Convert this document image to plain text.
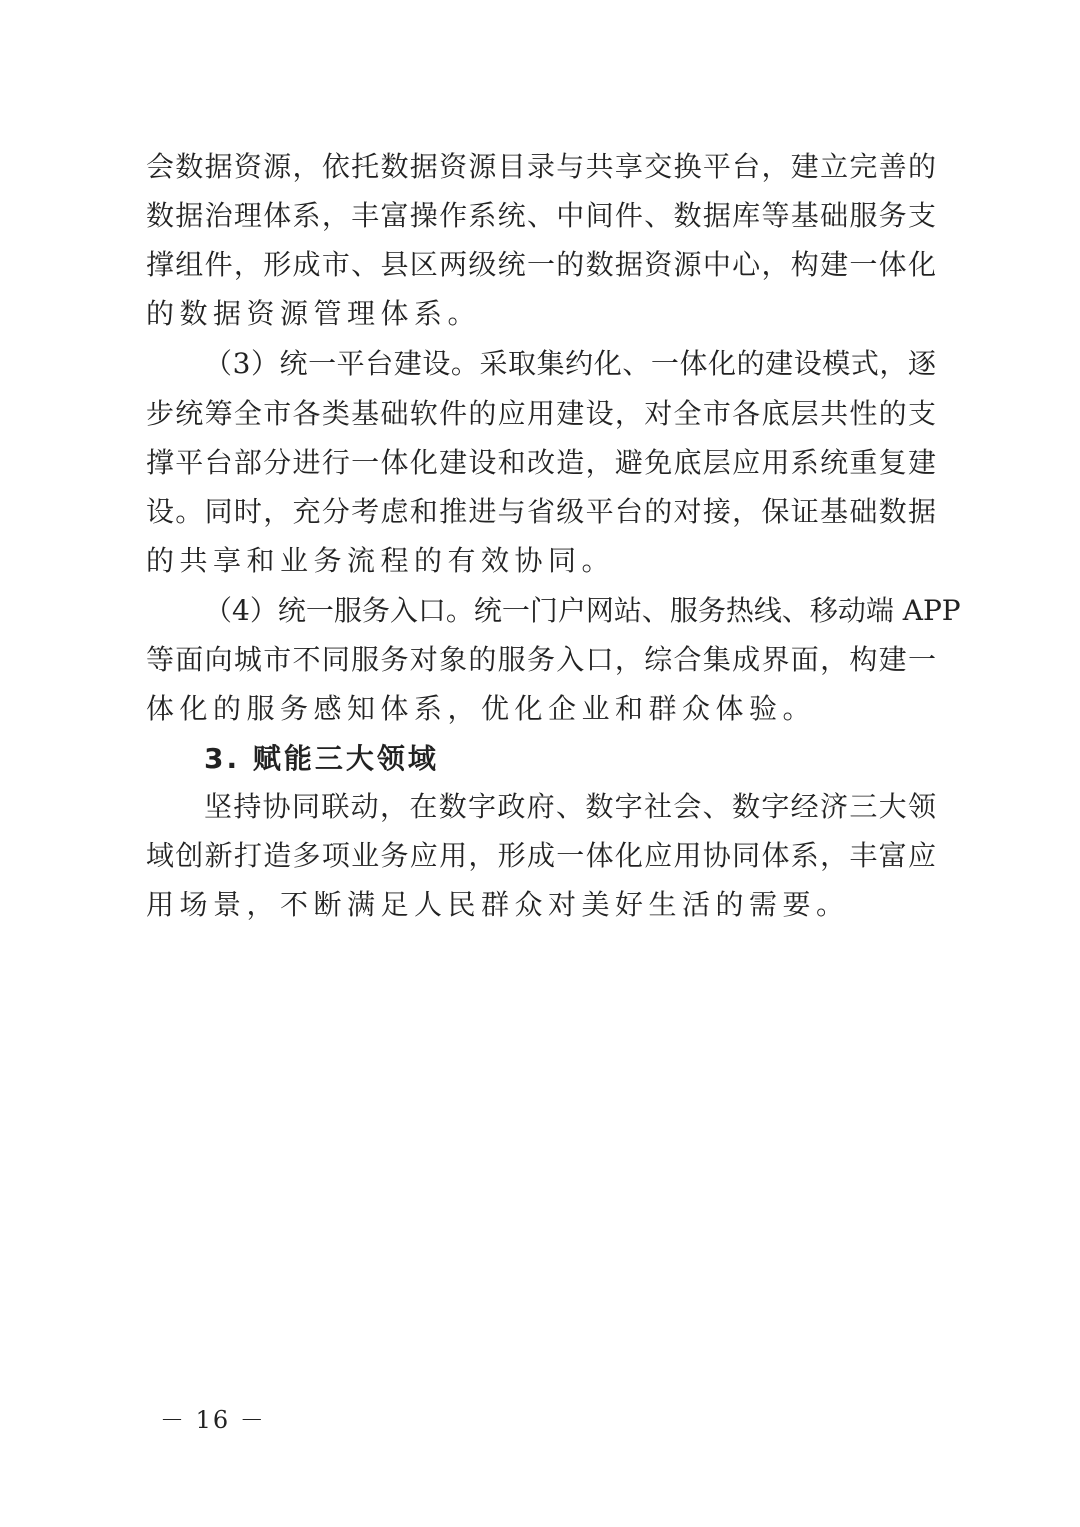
会数据资源，依托数据资源目录与共享交换平台，建立完善的
数据治理体系，丰富操作系统、中间件、数据库等基础服务支
撑组件，形成市、县区两级统一的数据资源中心，构建一体化
的数据资源管理体系。
（3）统一平台建设。采取集约化、一体化的建设模式，逐
步统筹全市各类基础软件的应用建设，对全市各底层共性的支
撑平台部分进行一体化建设和改造，避免底层应用系统重复建
设。同时，充分考虑和推进与省级平台的对接，保证基础数据
的共享和业务流程的有效协同。
（4）统一服务入口。统一门户网站、服务热线、移动端 APP
等面向城市不同服务对象的服务入口，综合集成界面，构建一
体化的服务感知体系，优化企业和群众体验。
3. 赋能三大领域
坚持协同联动，在数字政府、数字社会、数字经济三大领
域创新打造多项业务应用，形成一体化应用协同体系，丰富应
用场景，不断满足人民群众对美好生活的需要。
－ 16 －
